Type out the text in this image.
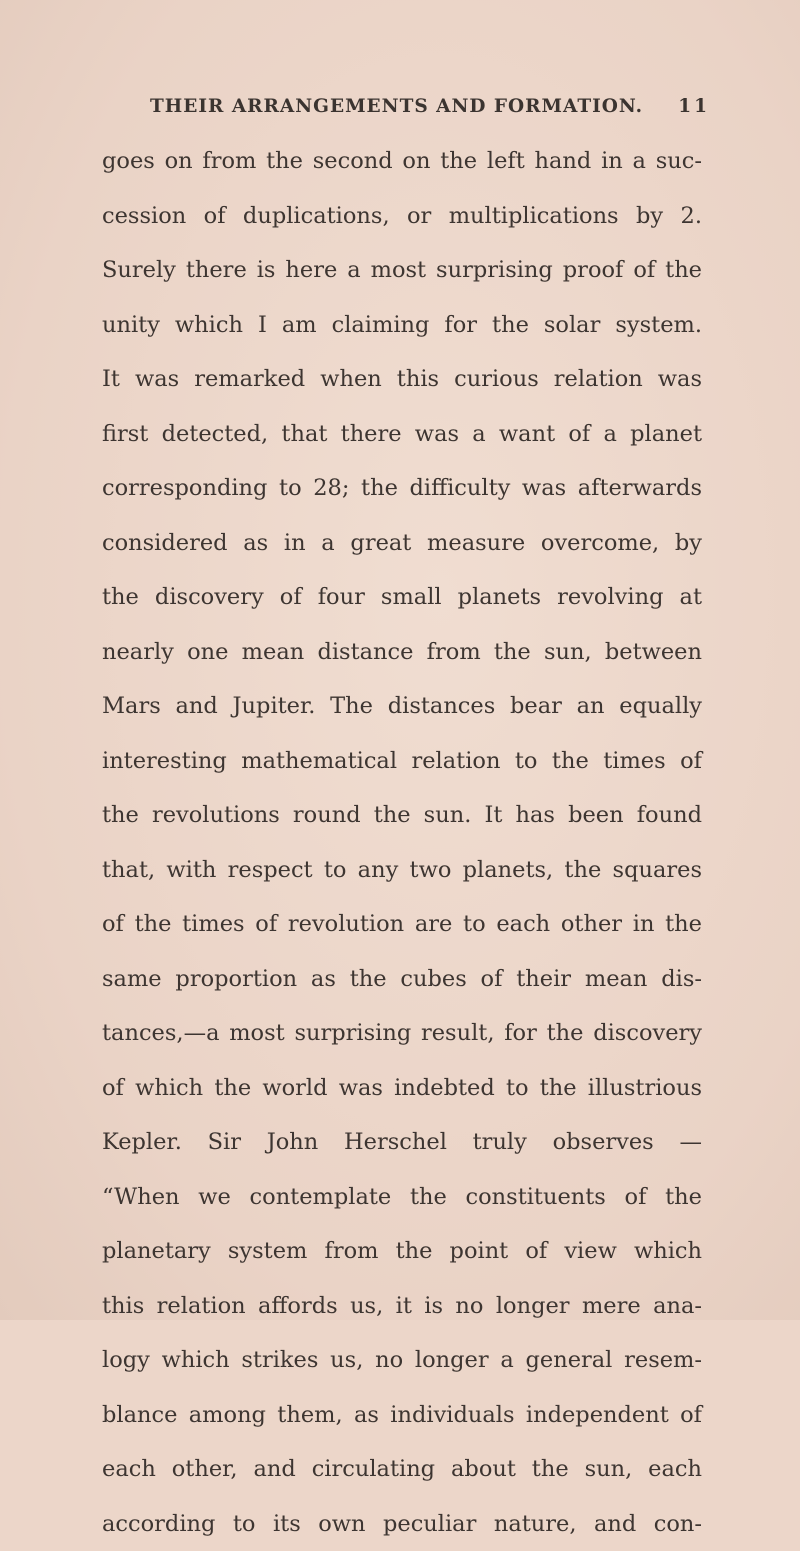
THEIR ARRANGEMENTS AND FORMATION. 11
goes on from the second on the left hand in a suc-
cession of duplications, or multiplications by 2.
Surely there is here a most surprising proof of the
unity which I am claiming for the solar system.
It was remarked when this curious relation was
first detected, that there was a want of a planet
corresponding to 28; the difficulty was afterwards
considered as in a great measure overcome, by
the discovery of four small planets revolving at
nearly one mean distance from the sun, between
Mars and Jupiter. The distances bear an equally
interesting mathematical relation to the times of
the revolutions round the sun. It has been found
that, with respect to any two planets, the squares
of the times of revolution are to each other in the
same proportion as the cubes of their mean dis-
tances,—a most surprising result, for the discovery
of which the world was indebted to the illustrious
Kepler. Sir John Herschel truly observes —
“When we contemplate the constituents of the
planetary system from the point of view which
this relation affords us, it is no longer mere ana-
logy which strikes us, no longer a general resem-
blance among them, as individuals independent of
each other, and circulating about the sun, each
according to its own peculiar nature, and con-
